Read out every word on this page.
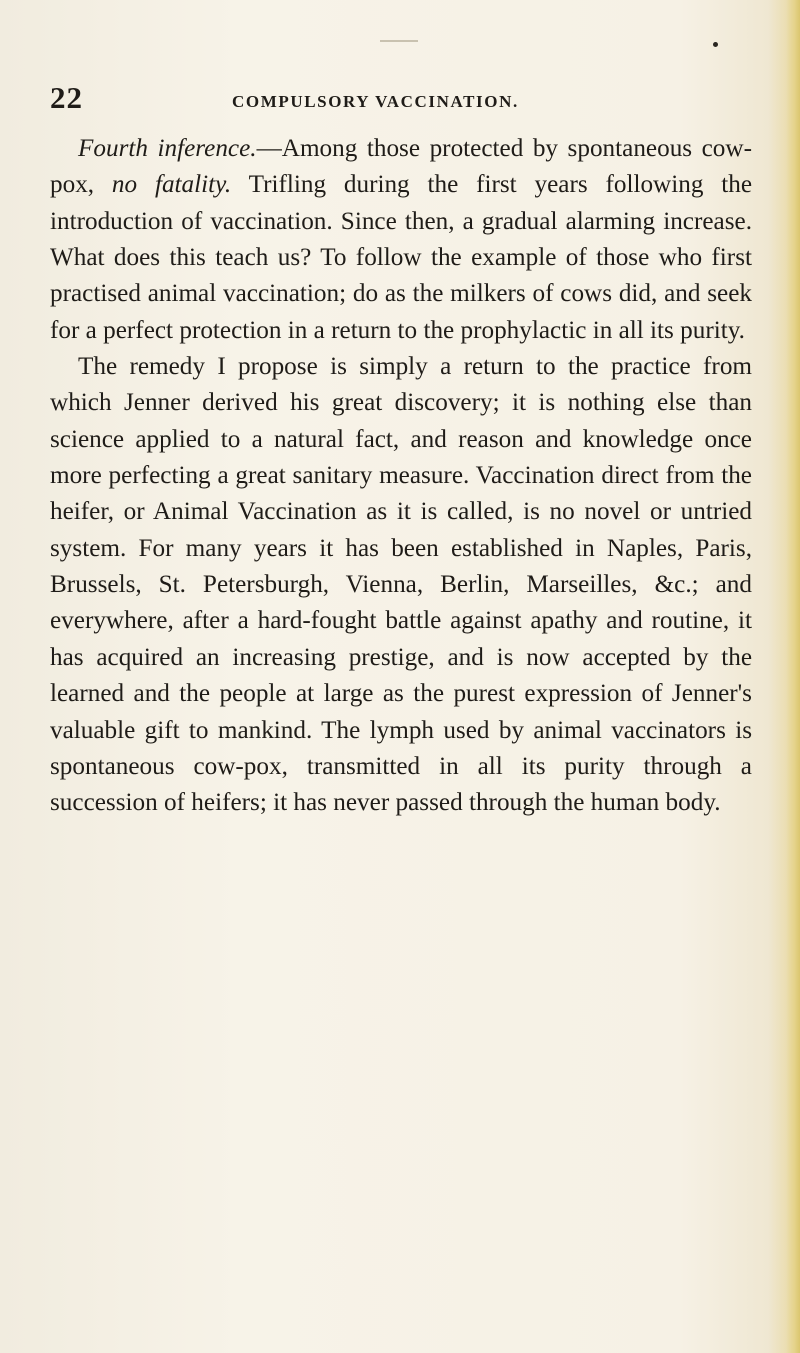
22	COMPULSORY VACCINATION.

Fourth inference.—Among those protected by spontaneous cow-pox, no fatality. Trifling during the first years following the introduction of vaccination. Since then, a gradual alarming increase. What does this teach us? To follow the example of those who first practised animal vaccination; do as the milkers of cows did, and seek for a perfect protection in a return to the prophylactic in all its purity.

The remedy I propose is simply a return to the practice from which Jenner derived his great discovery; it is nothing else than science applied to a natural fact, and reason and knowledge once more perfecting a great sanitary measure. Vaccination direct from the heifer, or Animal Vaccination as it is called, is no novel or untried system. For many years it has been established in Naples, Paris, Brussels, St. Petersburgh, Vienna, Berlin, Marseilles, &c.; and everywhere, after a hard-fought battle against apathy and routine, it has acquired an increasing prestige, and is now accepted by the learned and the people at large as the purest expression of Jenner's valuable gift to mankind. The lymph used by animal vaccinators is spontaneous cow-pox, transmitted in all its purity through a succession of heifers; it has never passed through the human body.
